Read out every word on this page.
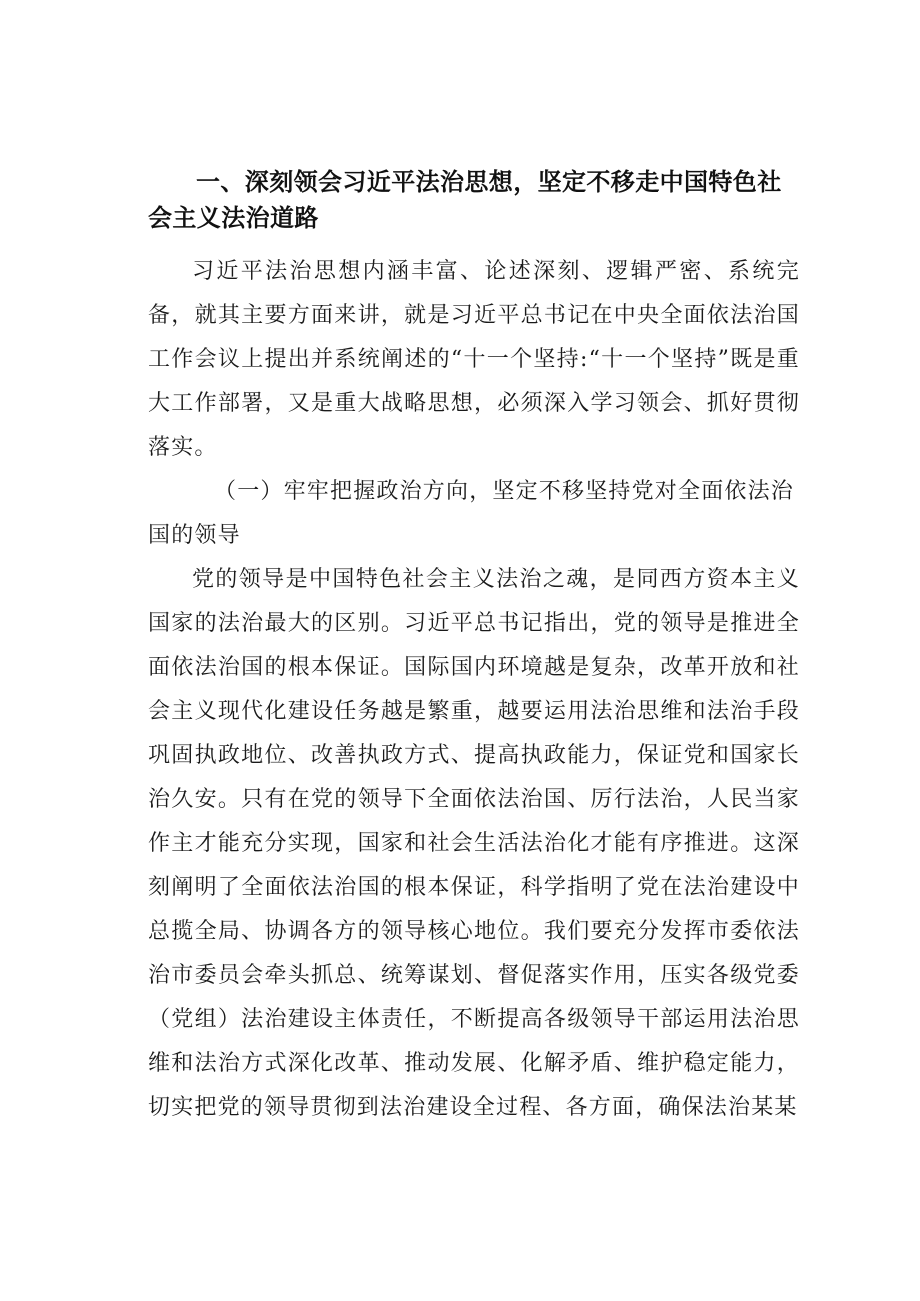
一、深刻领会习近平法治思想，坚定不移走中国特色社会主义法治道路

习近平法治思想内涵丰富、论述深刻、逻辑严密、系统完备，就其主要方面来讲，就是习近平总书记在中央全面依法治国工作会议上提出并系统阐述的“十一个坚持:“十一个坚持”既是重大工作部署，又是重大战略思想，必须深入学习领会、抓好贯彻落实。

（一）牢牢把握政治方向，坚定不移坚持党对全面依法治国的领导

党的领导是中国特色社会主义法治之魂，是同西方资本主义国家的法治最大的区别。习近平总书记指出，党的领导是推进全面依法治国的根本保证。国际国内环境越是复杂，改革开放和社会主义现代化建设任务越是繁重，越要运用法治思维和法治手段巩固执政地位、改善执政方式、提高执政能力，保证党和国家长治久安。只有在党的领导下全面依法治国、厉行法治，人民当家作主才能充分实现，国家和社会生活法治化才能有序推进。这深刻阐明了全面依法治国的根本保证，科学指明了党在法治建设中总揽全局、协调各方的领导核心地位。我们要充分发挥市委依法治市委员会牵头抓总、统筹谋划、督促落实作用，压实各级党委（党组）法治建设主体责任，不断提高各级领导干部运用法治思维和法治方式深化改革、推动发展、化解矛盾、维护稳定能力，切实把党的领导贯彻到法治建设全过程、各方面，确保法治某某
